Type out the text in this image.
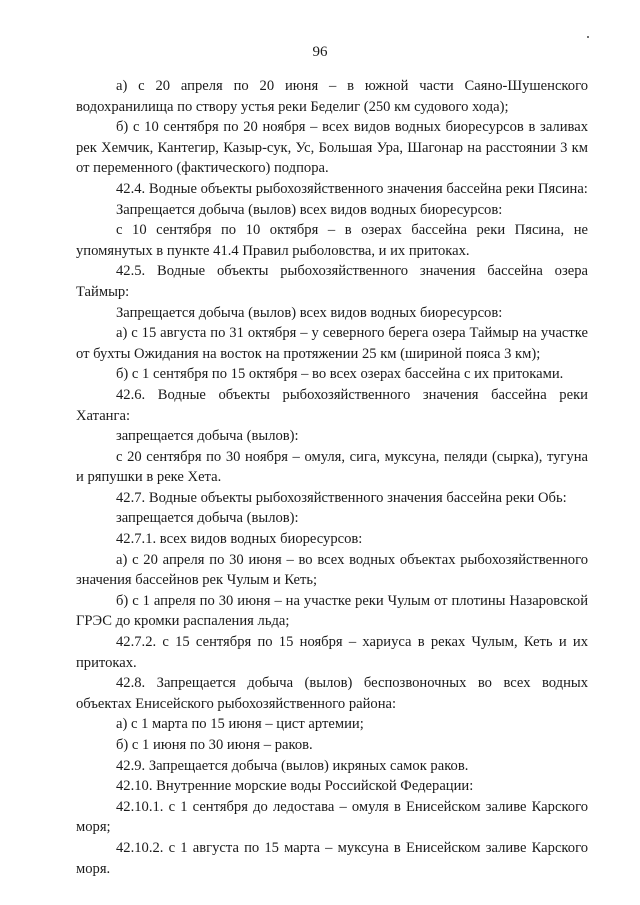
96

а) с 20 апреля по 20 июня – в южной части Саяно-Шушенского водохранилища по створу устья реки Беделиг (250 км судового хода);

б) с 10 сентября по 20 ноября – всех видов водных биоресурсов в заливах рек Хемчик, Кантегир, Казыр-сук, Ус, Большая Ура, Шагонар на расстоянии 3 км от переменного (фактического) подпора.

42.4. Водные объекты рыбохозяйственного значения бассейна реки Пясина:

Запрещается добыча (вылов) всех видов водных биоресурсов:

с 10 сентября по 10 октября – в озерах бассейна реки Пясина, не упомянутых в пункте 41.4 Правил рыболовства, и их притоках.

42.5. Водные объекты рыбохозяйственного значения бассейна озера Таймыр:

Запрещается добыча (вылов) всех видов водных биоресурсов:

а) с 15 августа по 31 октября – у северного берега озера Таймыр на участке от бухты Ожидания на восток на протяжении 25 км (шириной пояса 3 км);

б) с 1 сентября по 15 октября – во всех озерах бассейна с их притоками.

42.6. Водные объекты рыбохозяйственного значения бассейна реки Хатанга:

запрещается добыча (вылов):

с 20 сентября по 30 ноября – омуля, сига, муксуна, пеляди (сырка), тугуна и ряпушки в реке Хета.

42.7. Водные объекты рыбохозяйственного значения бассейна реки Обь:

запрещается добыча (вылов):

42.7.1. всех видов водных биоресурсов:

а) с 20 апреля по 30 июня – во всех водных объектах рыбохозяйственного значения бассейнов рек Чулым и Кеть;

б) с 1 апреля по 30 июня – на участке реки Чулым от плотины Назаровской ГРЭС до кромки распаления льда;

42.7.2. с 15 сентября по 15 ноября – хариуса в реках Чулым, Кеть и их притоках.

42.8. Запрещается добыча (вылов) беспозвоночных во всех водных объектах Енисейского рыбохозяйственного района:

а) с 1 марта по 15 июня – цист артемии;

б) с 1 июня по 30 июня – раков.

42.9. Запрещается добыча (вылов) икряных самок раков.

42.10. Внутренние морские воды Российской Федерации:

42.10.1. с 1 сентября до ледостава – омуля в Енисейском заливе Карского моря;

42.10.2. с 1 августа по 15 марта – муксуна в Енисейском заливе Карского моря.
